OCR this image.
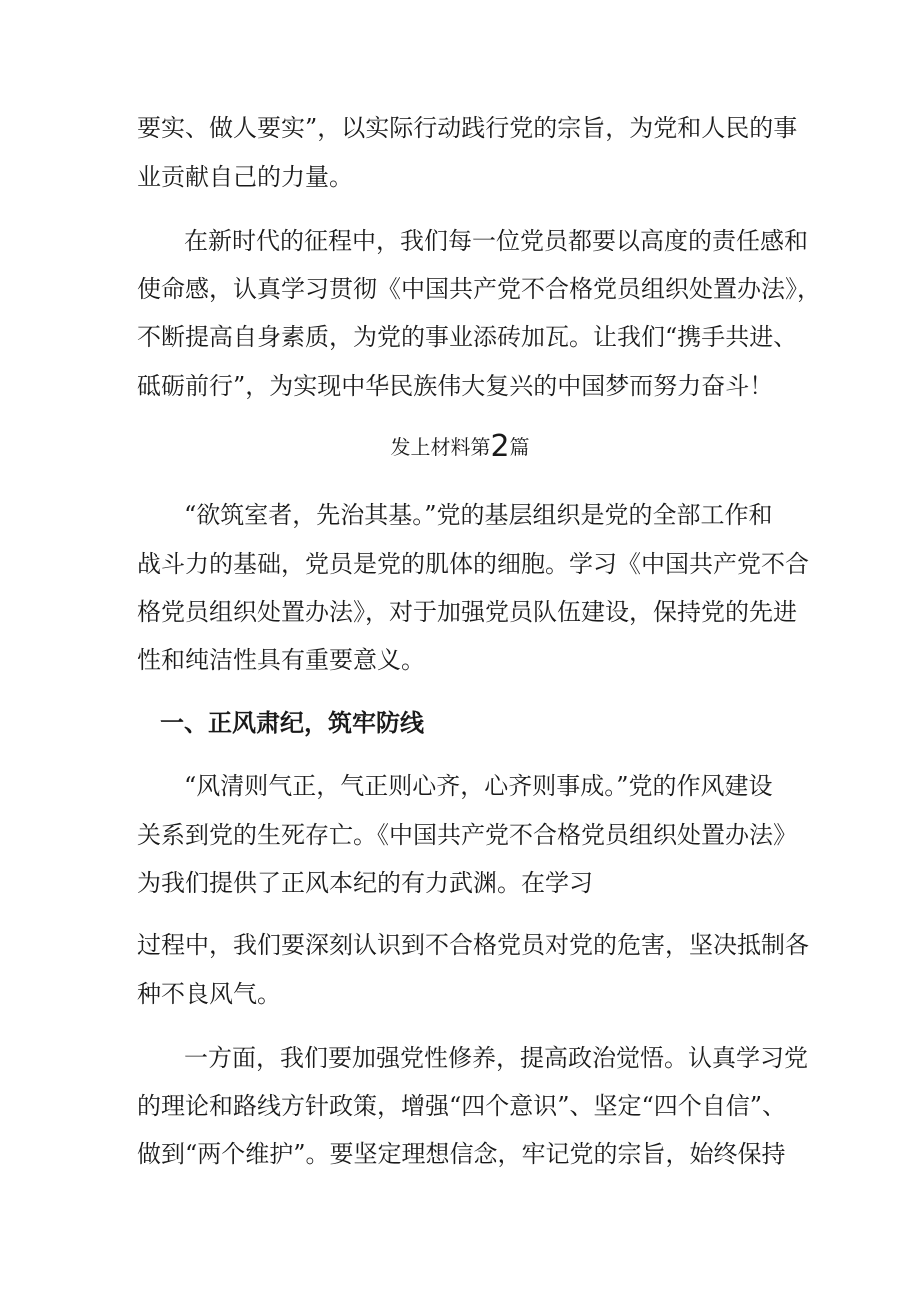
要实、做人要实”，以实际行动践行党的宗旨，为党和人民的事
业贡献自己的力量。
在新时代的征程中，我们每一位党员都要以高度的责任感和
使命感，认真学习贯彻《中国共产党不合格党员组织处置办法》，
不断提高自身素质，为党的事业添砖加瓦。让我们“携手共进、
砥砺前行”，为实现中华民族伟大复兴的中国梦而努力奋斗！
发上材料第2篇
“欲筑室者，先治其基。”党的基层组织是党的全部工作和
战斗力的基础，党员是党的肌体的细胞。学习《中国共产党不合
格党员组织处置办法》，对于加强党员队伍建设，保持党的先进
性和纯洁性具有重要意义。
一、正风肃纪，筑牢防线
“风清则气正，气正则心齐，心齐则事成。”党的作风建设
关系到党的生死存亡。《中国共产党不合格党员组织处置办法》
为我们提供了正风本纪的有力武渊。在学习
过程中，我们要深刻认识到不合格党员对党的危害，坚决抵制各
种不良风气。
一方面，我们要加强党性修养，提高政治觉悟。认真学习党
的理论和路线方针政策，增强“四个意识”、坚定“四个自信”、
做到“两个维护”。要坚定理想信念，牢记党的宗旨，始终保持
